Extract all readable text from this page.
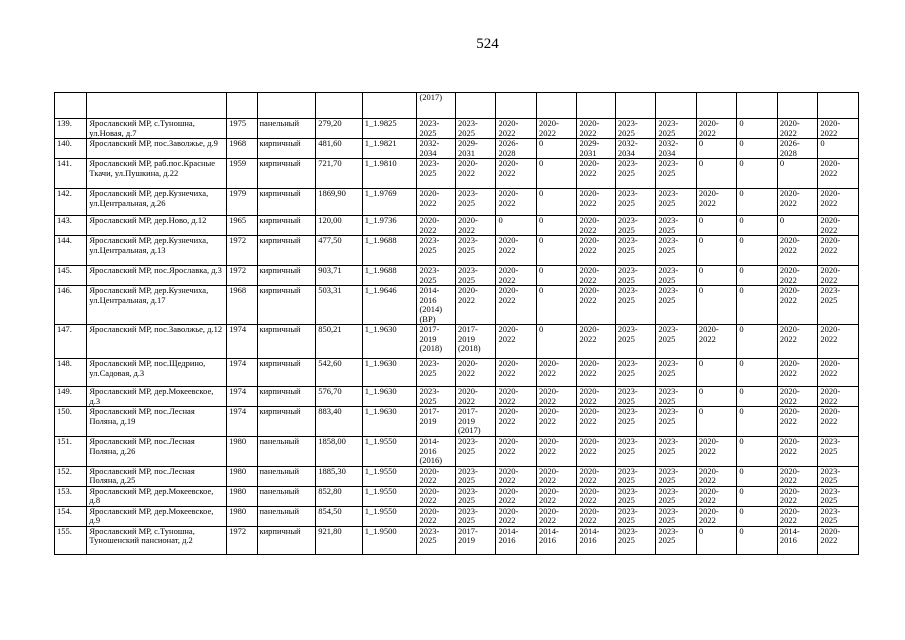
524
						(2017)										
139.	Ярославский МР, с.Туношна, ул.Новая, д.7	1975	панельный	279,20	1_1.9825	2023-
2025	2023-
2025	2020-
2022	2020-
2022	2020-
2022	2023-
2025	2023-
2025	2020-
2022	0	2020-
2022	2020-
2022
140.	Ярославский МР, пос.Заволжье, д.9	1968	кирпичный	481,60	1_1.9821	2032-
2034	2029-
2031	2026-
2028	0	2029-
2031	2032-
2034	2032-
2034	0	0	2026-
2028	0
141.	Ярославский МР, раб.пос.Красные Ткачи, ул.Пушкина, д.22	1959	кирпичный	721,70	1_1.9810	2023-
2025	2020-
2022	2020-
2022	0	2020-
2022	2023-
2025	2023-
2025	0	0	0	2020-
2022
142.	Ярославский МР, дер.Кузнечиха, ул.Центральная, д.26	1979	кирпичный	1869,90	1_1.9769	2020-
2022	2023-
2025	2020-
2022	0	2020-
2022	2023-
2025	2023-
2025	2020-
2022	0	2020-
2022	2020-
2022
143.	Ярославский МР, дер.Ново, д.12	1965	кирпичный	120,00	1_1.9736	2020-
2022	2020-
2022	0	0	2020-
2022	2023-
2025	2023-
2025	0	0	0	2020-
2022
144.	Ярославский МР, дер.Кузнечиха, ул.Центральная, д.13	1972	кирпичный	477,50	1_1.9688	2023-
2025	2023-
2025	2020-
2022	0	2020-
2022	2023-
2025	2023-
2025	0	0	2020-
2022	2020-
2022
145.	Ярославский МР, пос.Ярославка, д.3	1972	кирпичный	903,71	1_1.9688	2023-
2025	2023-
2025	2020-
2022	0	2020-
2022	2023-
2025	2023-
2025	0	0	2020-
2022	2020-
2022
146.	Ярославский МР, дер.Кузнечиха, ул.Центральная, д.17	1968	кирпичный	503,31	1_1.9646	2014-
2016
(2014)
(ВР)	2020-
2022	2020-
2022	0	2020-
2022	2023-
2025	2023-
2025	0	0	2020-
2022	2023-
2025
147.	Ярославский МР, пос.Заволжье, д.12	1974	кирпичный	850,21	1_1.9630	2017-
2019
(2018)	2017-
2019
(2018)	2020-
2022	0	2020-
2022	2023-
2025	2023-
2025	2020-
2022	0	2020-
2022	2020-
2022
148.	Ярославский МР, пос.Щедрино, ул.Садовая, д.3	1974	кирпичный	542,60	1_1.9630	2023-
2025	2020-
2022	2020-
2022	2020-
2022	2020-
2022	2023-
2025	2023-
2025	0	0	2020-
2022	2020-
2022
149.	Ярославский МР, дер.Мокеевское, д.3	1974	кирпичный	576,70	1_1.9630	2023-
2025	2020-
2022	2020-
2022	2020-
2022	2020-
2022	2023-
2025	2023-
2025	0	0	2020-
2022	2020-
2022
150.	Ярославский МР, пос.Лесная Поляна, д.19	1974	кирпичный	883,40	1_1.9630	2017-
2019	2017-
2019
(2017)	2020-
2022	2020-
2022	2020-
2022	2023-
2025	2023-
2025	0	0	2020-
2022	2020-
2022
151.	Ярославский МР, пос.Лесная Поляна, д.26	1980	панельный	1858,00	1_1.9550	2014-
2016
(2016)	2023-
2025	2020-
2022	2020-
2022	2020-
2022	2023-
2025	2023-
2025	2020-
2022	0	2020-
2022	2023-
2025
152.	Ярославский МР, пос.Лесная Поляна, д.25	1980	панельный	1885,30	1_1.9550	2020-
2022	2023-
2025	2020-
2022	2020-
2022	2020-
2022	2023-
2025	2023-
2025	2020-
2022	0	2020-
2022	2023-
2025
153.	Ярославский МР, дер.Мокеевское, д.8	1980	панельный	852,80	1_1.9550	2020-
2022	2023-
2025	2020-
2022	2020-
2022	2020-
2022	2023-
2025	2023-
2025	2020-
2022	0	2020-
2022	2023-
2025
154.	Ярославский МР, дер.Мокеевское, д.9	1980	панельный	854,50	1_1.9550	2020-
2022	2023-
2025	2020-
2022	2020-
2022	2020-
2022	2023-
2025	2023-
2025	2020-
2022	0	2020-
2022	2023-
2025
155.	Ярославский МР, с.Туношна, Туношенский пансионат, д.2	1972	кирпичный	921,80	1_1.9500	2023-
2025	2017-
2019	2014-
2016	2014-
2016	2014-
2016	2023-
2025	2023-
2025	0	0	2014-
2016	2020-
2022
